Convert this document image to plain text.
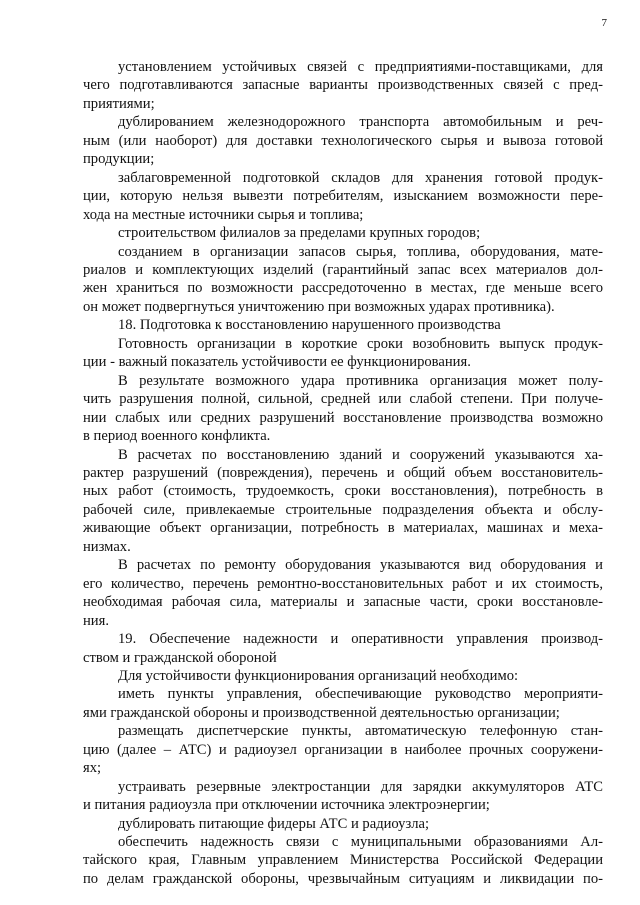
7

установлением устойчивых связей с предприятиями-поставщиками, для
чего подготавливаются запасные варианты производственных связей с пред-
приятиями;

дублированием железнодорожного транспорта автомобильным и реч-
ным (или наоборот) для доставки технологического сырья и вывоза готовой
продукции;

заблаговременной подготовкой складов для хранения готовой продук-
ции, которую нельзя вывезти потребителям, изысканием возможности пере-
хода на местные источники сырья и топлива;

строительством филиалов за пределами крупных городов;

созданием в организации запасов сырья, топлива, оборудования, мате-
риалов и комплектующих изделий (гарантийный запас всех материалов дол-
жен храниться по возможности рассредоточенно в местах, где меньше всего
он может подвергнуться уничтожению при возможных ударах противника).

18. Подготовка к восстановлению нарушенного производства

Готовность организации в короткие сроки возобновить выпуск продук-
ции - важный показатель устойчивости ее функционирования.

В результате возможного удара противника организация может полу-
чить разрушения полной, сильной, средней или слабой степени. При получе-
нии слабых или средних разрушений восстановление производства возможно
в период военного конфликта.

В расчетах по восстановлению зданий и сооружений указываются ха-
рактер разрушений (повреждения), перечень и общий объем восстановитель-
ных работ (стоимость, трудоемкость, сроки восстановления), потребность в
рабочей силе, привлекаемые строительные подразделения объекта и обслу-
живающие объект организации, потребность в материалах, машинах и меха-
низмах.

В расчетах по ремонту оборудования указываются вид оборудования и
его количество, перечень ремонтно-восстановительных работ и их стоимость,
необходимая рабочая сила, материалы и запасные части, сроки восстановле-
ния.

19. Обеспечение надежности и оперативности управления производ-
ством и гражданской обороной

Для устойчивости функционирования организаций необходимо:

иметь пункты управления, обеспечивающие руководство мероприяти-
ями гражданской обороны и производственной деятельностью организации;

размещать диспетчерские пункты, автоматическую телефонную стан-
цию (далее – АТС) и радиоузел организации в наиболее прочных сооружени-
ях;

устраивать резервные электростанции для зарядки аккумуляторов АТС
и питания радиоузла при отключении источника электроэнергии;

дублировать питающие фидеры АТС и радиоузла;

обеспечить надежность связи с муниципальными образованиями Ал-
тайского края, Главным управлением Министерства Российской Федерации
по делам гражданской обороны, чрезвычайным ситуациям и ликвидации по-
